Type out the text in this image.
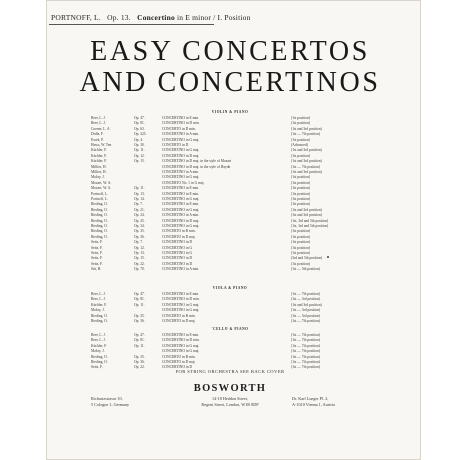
PORTNOFF, L. Op. 13. Concertino in E minor / I. Position
EASY CONCERTOS
AND CONCERTINOS
VIOLIN & PIANO
Beer, L. J.	Op. 47.	CONCERTINO in E min.	(1st position)
Beer, L. J.	Op. 81.	CONCERTINO in D min.	(1st position)
Coerne, L. A.	Op. 63.	CONCERTO in D min.	(1st and 3rd position)
Drdla, F.	Op. 225.	CONCERTINO in A min.	(1st — 7th position)
Essek, P.	Op. 4.	CONCERTINO in G maj.	(1st position)
Huws, W. Ten	Op. 30.	CONCERTO in D	(Advanced)
Küchler, F.	Op. 11.	CONCERTINO in G maj.	(1st and 3rd position)
Küchler, F.	Op. 12.	CONCERTINO in D maj.	(1st position)
Küchler, F.	Op. 15.	CONCERTINO in D maj. in the style of Mozart	(1st and 3rd position)
Millies, H.	CONCERTINO in D maj. in the style of Haydn	(1st — 7th position)
Millies, H.	CONCERTINO in A min.	(1st and 3rd position)
Mokry, J.	CONCERTINO in G maj.	(1st position)
Mozart, W. A.	CONCERTO No. 1 in G maj.	(1st position)
Mozart, W. A.	Op. 11.	CONCERTINO in E min.	(1st position)
Portnoff, L.	Op. 13.	CONCERTINO in E min.	(1st position)
Portnoff, L.	Op. 14.	CONCERTINO in G maj.	(1st position)
Rieding, O.	Op. 7.	CONCERTINO in E min.	(1st position)
Rieding, O.	Op. 21.	CONCERTINO in G maj.	(1st and 3rd position)
Rieding, O.	Op. 24.	CONCERTINO in A min.	(1st and 3rd position)
Rieding, O.	Op. 25.	CONCERTINO in D maj.	(1st, 3rd and 5th position)
Rieding, O.	Op. 34.	CONCERTINO in G maj.	(1st, 3rd and 5th position)
Rieding, O.	Op. 35.	CONCERTO in B min.	(1st position)
Rieding, O.	Op. 36.	CONCERTO in D maj.	(1st position)
Seitz, F.	Op. 7.	CONCERTINO in D	(1st position)
Seitz, F.	Op. 12.	CONCERTINO in G	(1st position)
Seitz, F.	Op. 13.	CONCERTINO in G	(1st position)
Seitz, F.	Op. 15.	CONCERTINO in D	(3rd and 5th position)
Seitz, F.	Op. 22.	CONCERTINO in D	(1st position)
Sitt, H.	Op. 70.	CONCERTINO in A min.	(1st — 5th position)
VIOLA & PIANO
Beer, L. J.	Op. 47.	CONCERTINO in E min.	(1st — 7th position)
Beer, L. J.	Op. 81.	CONCERTINO in D min.	(1st — 3rd position)
Küchler, F.	Op. 11.	CONCERTINO in G maj.	(1st and 3rd position)
Mokry, J.	CONCERTINO in G maj.	(1st — 3rd position)
Rieding, O.	Op. 35.	CONCERTO in B min.	(1st — 3rd position)
Rieding, O.	Op. 36.	CONCERTO in D maj.	(1st — 7th position)
'CELLO & PIANO
Beer, L. J.	Op. 47.	CONCERTINO in E min.	(1st — 7th position)
Beer, L. J.	Op. 81.	CONCERTINO in D min.	(1st — 7th position)
Küchler, F.	Op. 11.	CONCERTINO in G maj.	(1st — 7th position)
Mokry, J.	CONCERTINO in G maj.	(1st — 7th position)
Rieding, O.	Op. 35.	CONCERTO in B min.	(1st — 7th position)
Rieding, O.	Op. 36.	CONCERTO in D maj.	(1st — 7th position)
Seitz, F.	Op. 22.	CONCERTINO in D	(1st — 7th position)
FOR STRING ORCHESTRA SEE BACK COVER
BOSWORTH
Richartzstrasse 10,
5 Cologne 1, Germany
14-18 Heddon Street,
Regent Street, London, W1R 8DP
Dr. Karl Lueger Pl. 2,
A-1010 Vienna 1, Austria
